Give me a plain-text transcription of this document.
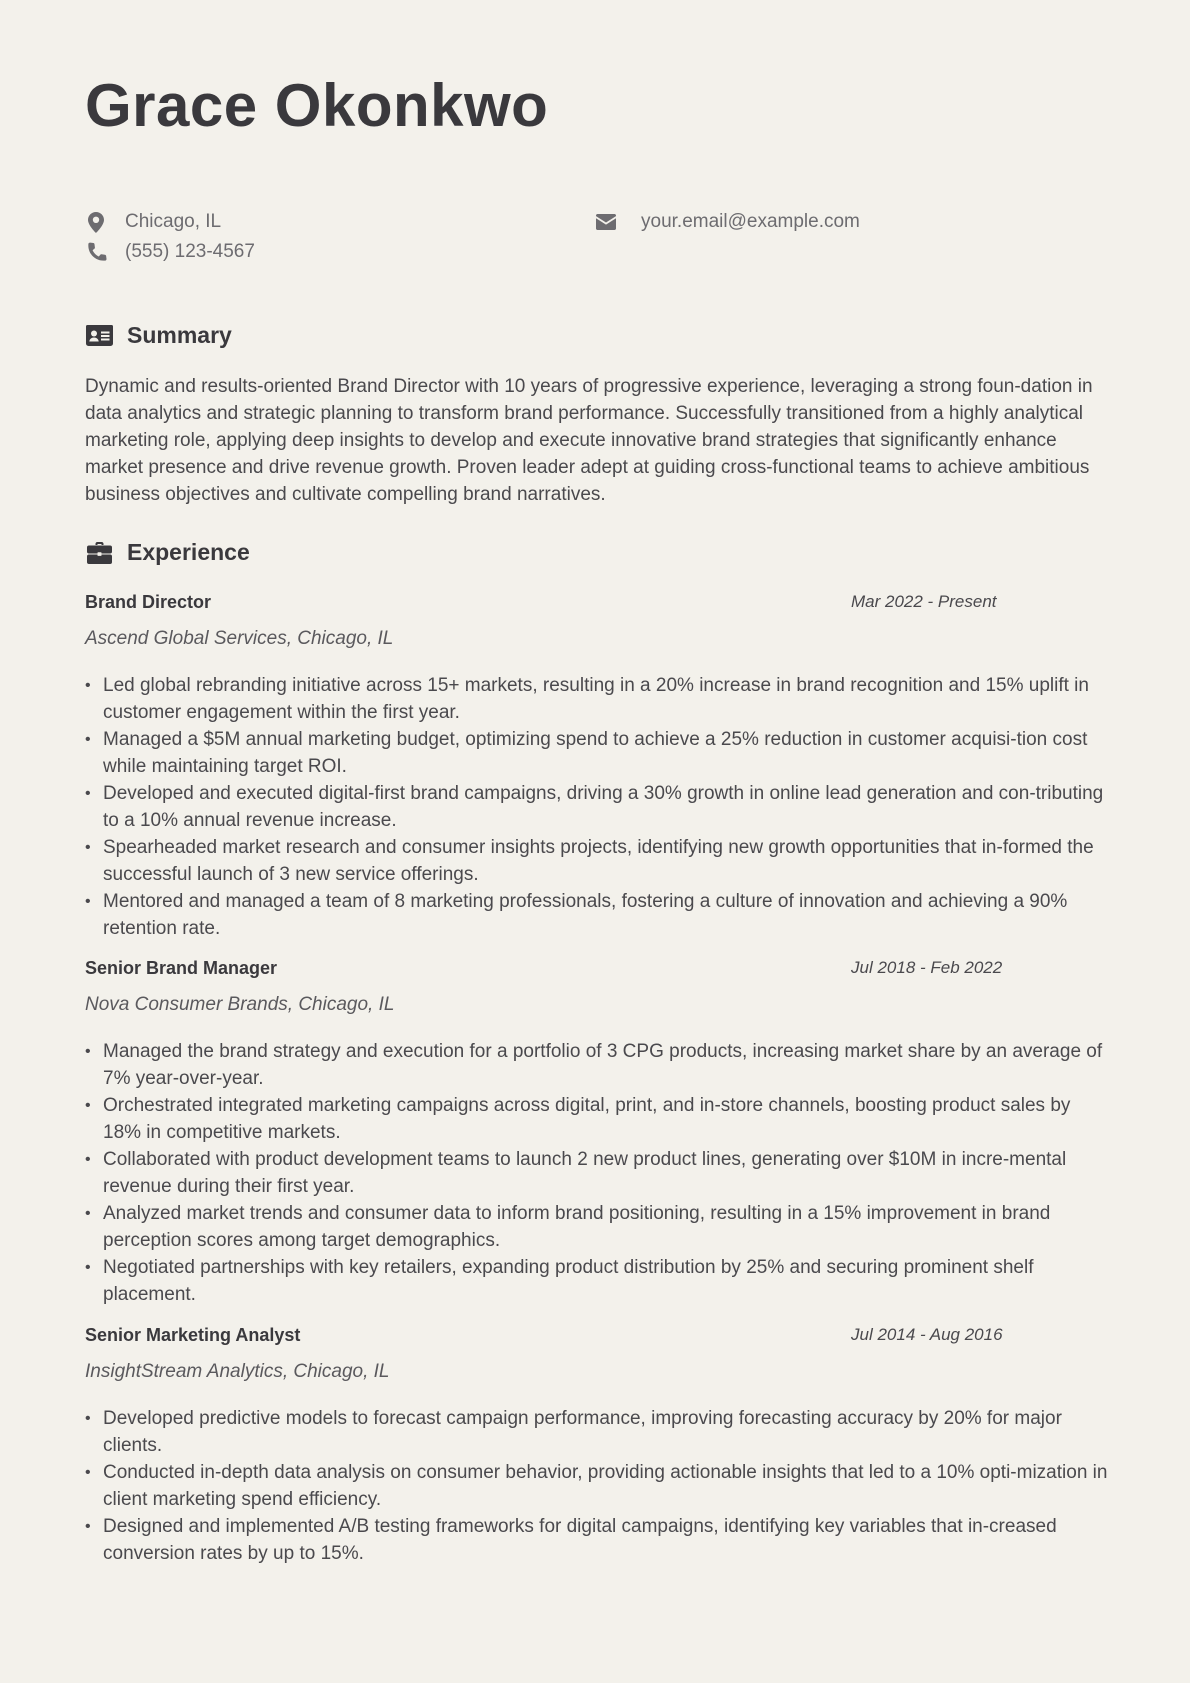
Grace Okonkwo
Chicago, IL
(555) 123-4567
your.email@example.com
Summary

Dynamic and results-oriented Brand Director with 10 years of progressive experience, leveraging a strong foun-dation in data analytics and strategic planning to transform brand performance. Successfully transitioned from a highly analytical marketing role, applying deep insights to develop and execute innovative brand strategies that significantly enhance market presence and drive revenue growth. Proven leader adept at guiding cross-functional teams to achieve ambitious business objectives and cultivate compelling brand narratives.

Experience
Brand Director	Mar 2022 - Present
Ascend Global Services, Chicago, IL
• Led global rebranding initiative across 15+ markets, resulting in a 20% increase in brand recognition and 15% uplift in customer engagement within the first year.
• Managed a $5M annual marketing budget, optimizing spend to achieve a 25% reduction in customer acquisi-tion cost while maintaining target ROI.
• Developed and executed digital-first brand campaigns, driving a 30% growth in online lead generation and con-tributing to a 10% annual revenue increase.
• Spearheaded market research and consumer insights projects, identifying new growth opportunities that in-formed the successful launch of 3 new service offerings.
• Mentored and managed a team of 8 marketing professionals, fostering a culture of innovation and achieving a 90% retention rate.
Senior Brand Manager	Jul 2018 - Feb 2022
Nova Consumer Brands, Chicago, IL
• Managed the brand strategy and execution for a portfolio of 3 CPG products, increasing market share by an average of 7% year-over-year.
• Orchestrated integrated marketing campaigns across digital, print, and in-store channels, boosting product sales by 18% in competitive markets.
• Collaborated with product development teams to launch 2 new product lines, generating over $10M in incre-mental revenue during their first year.
• Analyzed market trends and consumer data to inform brand positioning, resulting in a 15% improvement in brand perception scores among target demographics.
• Negotiated partnerships with key retailers, expanding product distribution by 25% and securing prominent shelf placement.
Senior Marketing Analyst	Jul 2014 - Aug 2016
InsightStream Analytics, Chicago, IL
• Developed predictive models to forecast campaign performance, improving forecasting accuracy by 20% for major clients.
• Conducted in-depth data analysis on consumer behavior, providing actionable insights that led to a 10% opti-mization in client marketing spend efficiency.
• Designed and implemented A/B testing frameworks for digital campaigns, identifying key variables that in-creased conversion rates by up to 15%.
